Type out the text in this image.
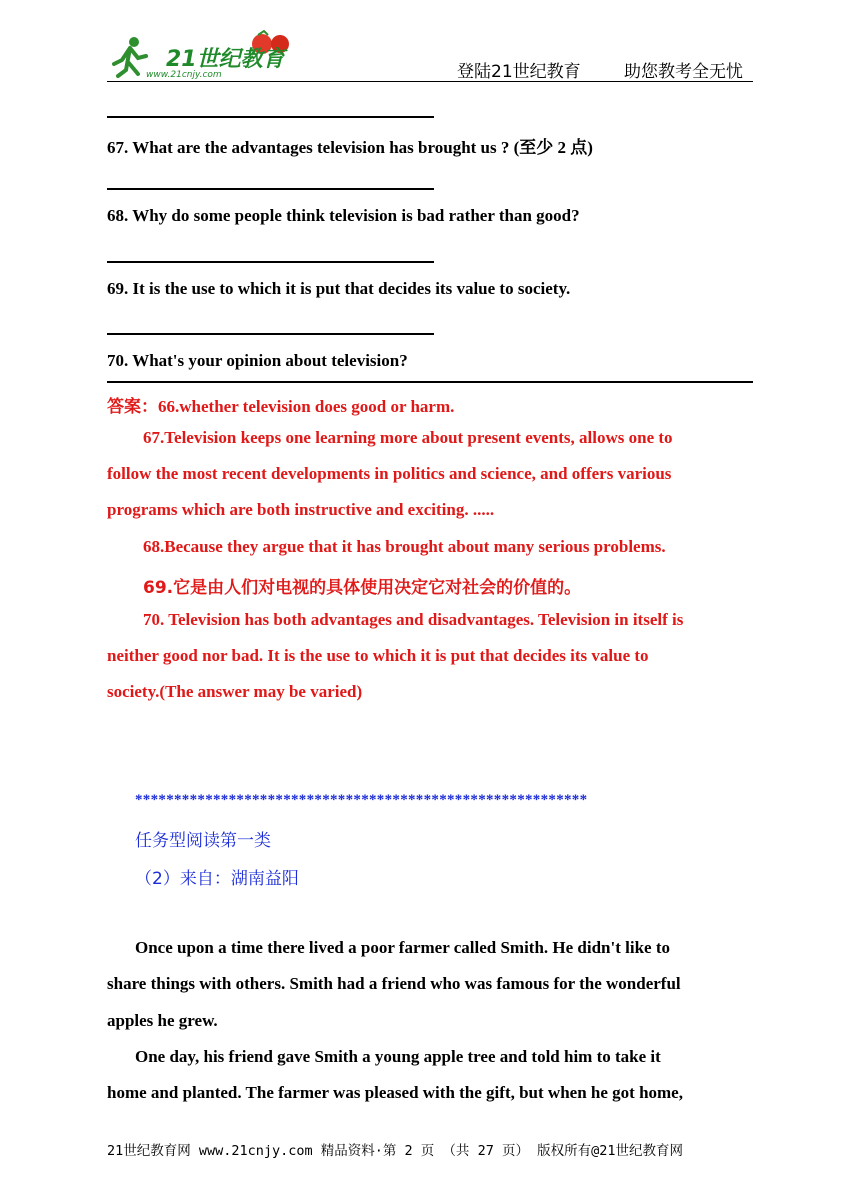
21世纪教育
www.21cnjy.com	登陆21世纪教育	助您教考全无忧
67. What are the advantages television has brought us ? (至少 2 点)
68. Why do some people think television is bad rather than good?
69. It is the use to which it is put that decides its value to society.
70. What's your opinion about television?
答案：66.whether television does good or harm.
67.Television keeps one learning more about present events, allows one to
follow the most recent developments in politics and science, and offers various
programs which are both instructive and exciting. .....
68.Because they argue that it has brought about many serious problems.
69.它是由人们对电视的具体使用决定它对社会的价值的。
70. Television has both advantages and disadvantages. Television in itself is
neither good nor bad. It is the use to which it is put that decides its value to
society.(The answer may be varied)
**********************************************************
任务型阅读第一类
（2）来自：湖南益阳
Once upon a time there lived a poor farmer called Smith. He didn't like to
share things with others. Smith had a friend who was famous for the wonderful
apples he grew.
One day, his friend gave Smith a young apple tree and told him to take it
home and planted. The farmer was pleased with the gift, but when he got home,
21世纪教育网 www.21cnjy.com 精品资料·第 2 页 （共 27 页） 版权所有@21世纪教育网
